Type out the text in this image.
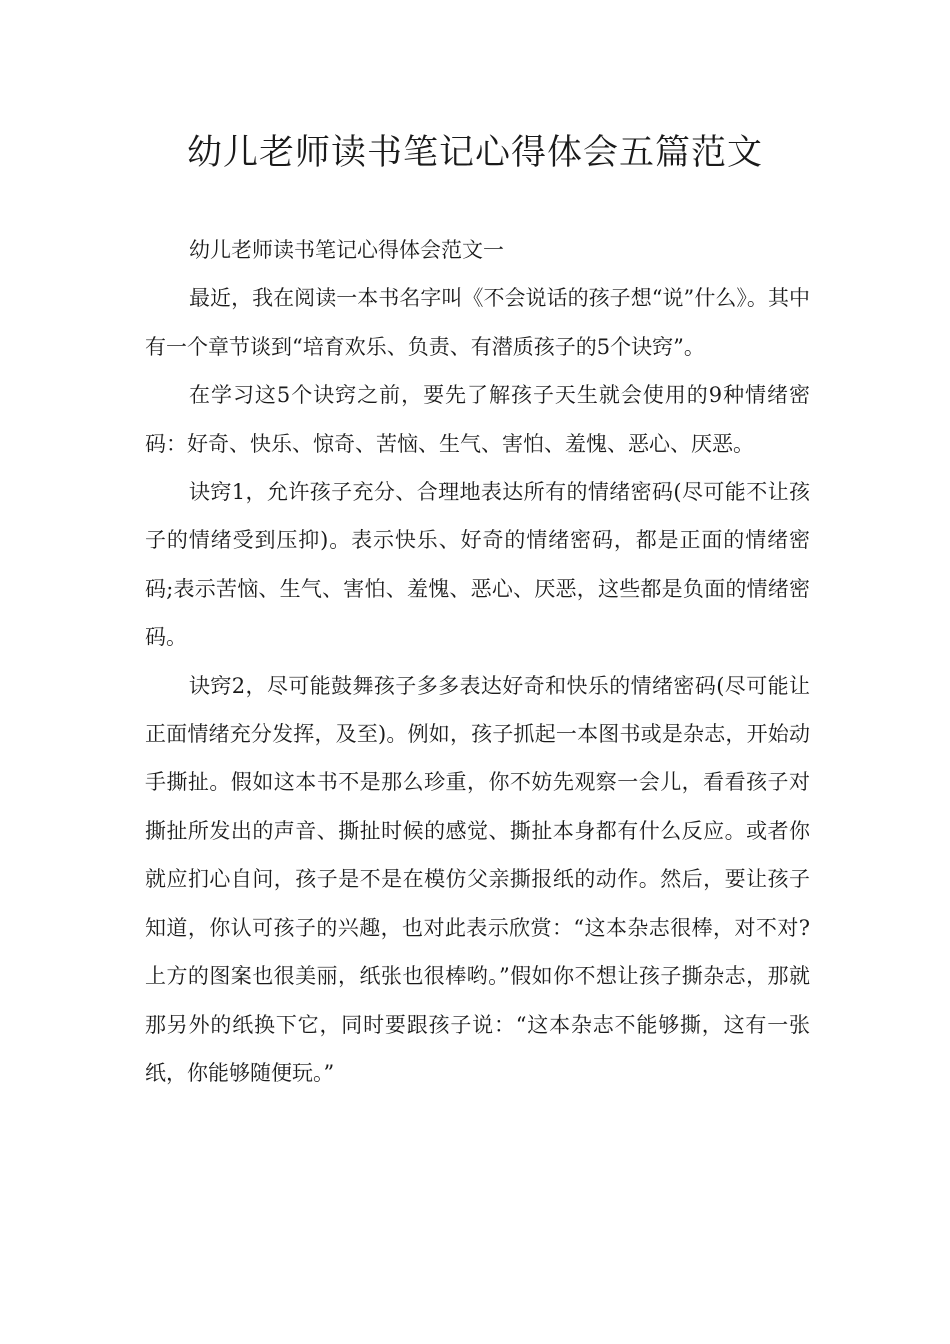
幼儿老师读书笔记心得体会五篇范文

幼儿老师读书笔记心得体会范文一

最近，我在阅读一本书名字叫《不会说话的孩子想“说”什么》。其中有一个章节谈到“培育欢乐、负责、有潜质孩子的5个诀窍”。

在学习这5个诀窍之前，要先了解孩子天生就会使用的9种情绪密码：好奇、快乐、惊奇、苦恼、生气、害怕、羞愧、恶心、厌恶。

诀窍1，允许孩子充分、合理地表达所有的情绪密码(尽可能不让孩子的情绪受到压抑)。表示快乐、好奇的情绪密码，都是正面的情绪密码;表示苦恼、生气、害怕、羞愧、恶心、厌恶，这些都是负面的情绪密码。

诀窍2，尽可能鼓舞孩子多多表达好奇和快乐的情绪密码(尽可能让正面情绪充分发挥，及至)。例如，孩子抓起一本图书或是杂志，开始动手撕扯。假如这本书不是那么珍重，你不妨先观察一会儿，看看孩子对撕扯所发出的声音、撕扯时候的感觉、撕扯本身都有什么反应。或者你就应扪心自问，孩子是不是在模仿父亲撕报纸的动作。然后，要让孩子知道，你认可孩子的兴趣，也对此表示欣赏：“这本杂志很棒，对不对?上方的图案也很美丽，纸张也很棒哟。”假如你不想让孩子撕杂志，那就那另外的纸换下它，同时要跟孩子说：“这本杂志不能够撕，这有一张纸，你能够随便玩。”
